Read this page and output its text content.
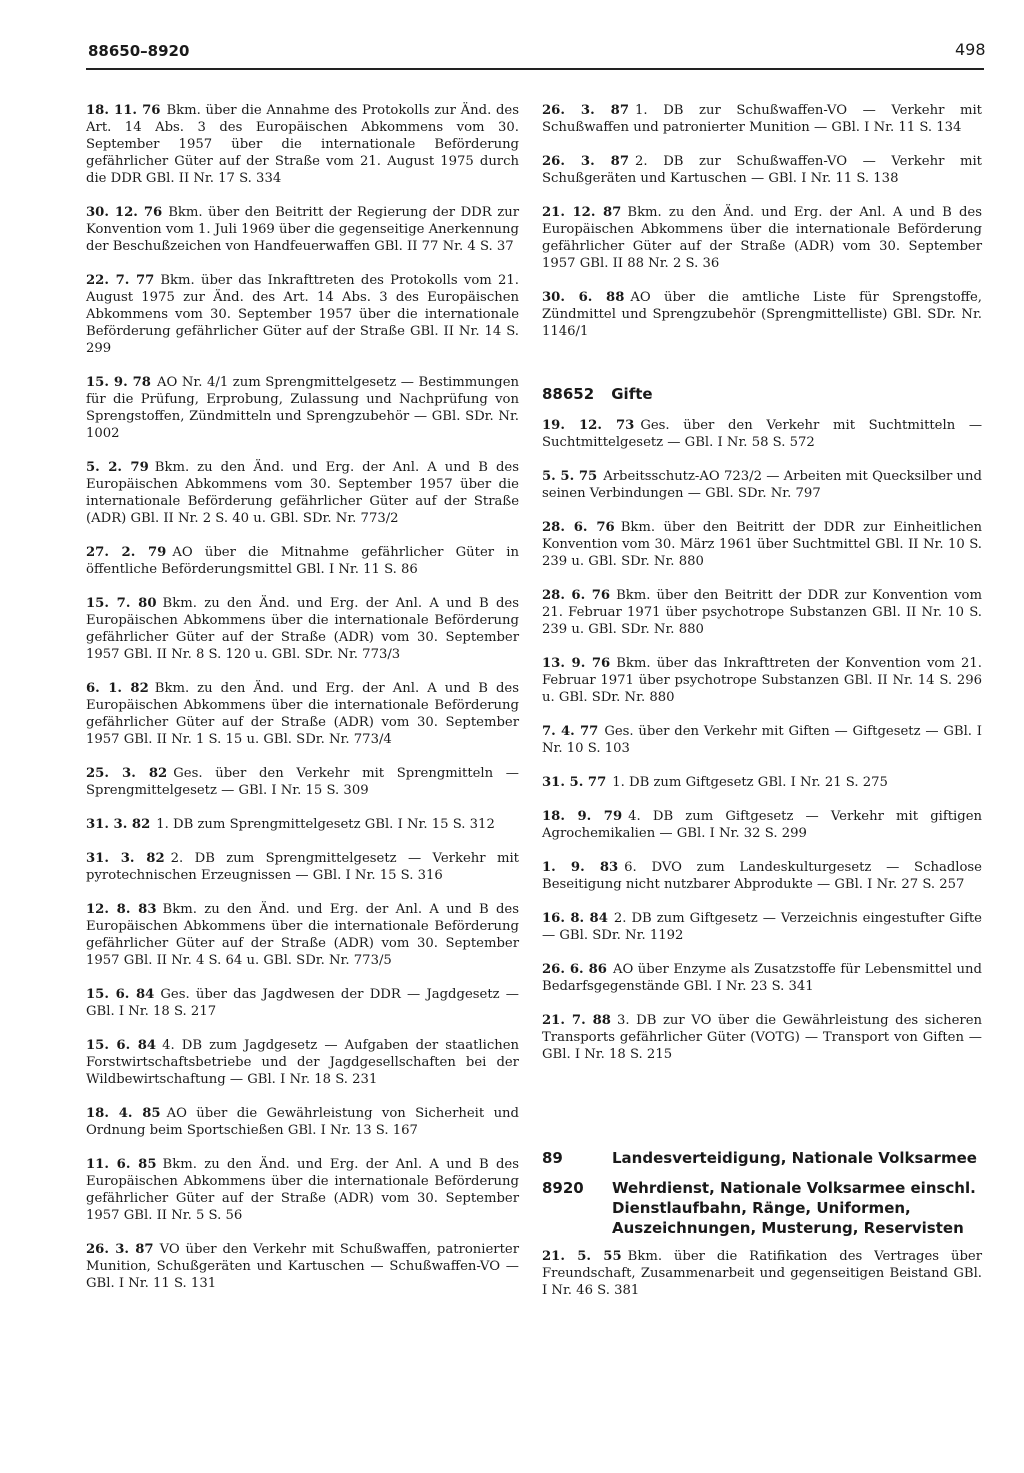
88650–8920	498
18. 11. 76 Bkm. über die Annahme des Protokolls zur Änd. des Art. 14 Abs. 3 des Europäischen Abkommens vom 30. September 1957 über die internationale Beförderung gefährlicher Güter auf der Straße vom 21. August 1975 durch die DDR GBl. II Nr. 17 S. 334
30. 12. 76 Bkm. über den Beitritt der Regierung der DDR zur Konvention vom 1. Juli 1969 über die gegenseitige Anerkennung der Beschußzeichen von Handfeuerwaffen GBl. II 77 Nr. 4 S. 37
22. 7. 77 Bkm. über das Inkrafttreten des Protokolls vom 21. August 1975 zur Änd. des Art. 14 Abs. 3 des Europäischen Abkommens vom 30. September 1957 über die internationale Beförderung gefährlicher Güter auf der Straße GBl. II Nr. 14 S. 299
15. 9. 78 AO Nr. 4/1 zum Sprengmittelgesetz — Bestimmungen für die Prüfung, Erprobung, Zulassung und Nachprüfung von Sprengstoffen, Zündmitteln und Sprengzubehör — GBl. SDr. Nr. 1002
5. 2. 79 Bkm. zu den Änd. und Erg. der Anl. A und B des Europäischen Abkommens vom 30. September 1957 über die internationale Beförderung gefährlicher Güter auf der Straße (ADR) GBl. II Nr. 2 S. 40 u. GBl. SDr. Nr. 773/2
27. 2. 79 AO über die Mitnahme gefährlicher Güter in öffentliche Beförderungsmittel GBl. I Nr. 11 S. 86
15. 7. 80 Bkm. zu den Änd. und Erg. der Anl. A und B des Europäischen Abkommens über die internationale Beförderung gefährlicher Güter auf der Straße (ADR) vom 30. September 1957 GBl. II Nr. 8 S. 120 u. GBl. SDr. Nr. 773/3
6. 1. 82 Bkm. zu den Änd. und Erg. der Anl. A und B des Europäischen Abkommens über die internationale Beförderung gefährlicher Güter auf der Straße (ADR) vom 30. September 1957 GBl. II Nr. 1 S. 15 u. GBl. SDr. Nr. 773/4
25. 3. 82 Ges. über den Verkehr mit Sprengmitteln — Sprengmittelgesetz — GBl. I Nr. 15 S. 309
31. 3. 82 1. DB zum Sprengmittelgesetz GBl. I Nr. 15 S. 312
31. 3. 82 2. DB zum Sprengmittelgesetz — Verkehr mit pyrotechnischen Erzeugnissen — GBl. I Nr. 15 S. 316
12. 8. 83 Bkm. zu den Änd. und Erg. der Anl. A und B des Europäischen Abkommens über die internationale Beförderung gefährlicher Güter auf der Straße (ADR) vom 30. September 1957 GBl. II Nr. 4 S. 64 u. GBl. SDr. Nr. 773/5
15. 6. 84 Ges. über das Jagdwesen der DDR — Jagdgesetz — GBl. I Nr. 18 S. 217
15. 6. 84 4. DB zum Jagdgesetz — Aufgaben der staatlichen Forstwirtschaftsbetriebe und der Jagdgesellschaften bei der Wildbewirtschaftung — GBl. I Nr. 18 S. 231
18. 4. 85 AO über die Gewährleistung von Sicherheit und Ordnung beim Sportschießen GBl. I Nr. 13 S. 167
11. 6. 85 Bkm. zu den Änd. und Erg. der Anl. A und B des Europäischen Abkommens über die internationale Beförderung gefährlicher Güter auf der Straße (ADR) vom 30. September 1957 GBl. II Nr. 5 S. 56
26. 3. 87 VO über den Verkehr mit Schußwaffen, patronierter Munition, Schußgeräten und Kartuschen — Schußwaffen-VO — GBl. I Nr. 11 S. 131
26. 3. 87 1. DB zur Schußwaffen-VO — Verkehr mit Schußwaffen und patronierter Munition — GBl. I Nr. 11 S. 134
26. 3. 87 2. DB zur Schußwaffen-VO — Verkehr mit Schußgeräten und Kartuschen — GBl. I Nr. 11 S. 138
21. 12. 87 Bkm. zu den Änd. und Erg. der Anl. A und B des Europäischen Abkommens über die internationale Beförderung gefährlicher Güter auf der Straße (ADR) vom 30. September 1957 GBl. II 88 Nr. 2 S. 36
30. 6. 88 AO über die amtliche Liste für Sprengstoffe, Zündmittel und Sprengzubehör (Sprengmittelliste) GBl. SDr. Nr. 1146/1
88652 Gifte
19. 12. 73 Ges. über den Verkehr mit Suchtmitteln — Suchtmittelgesetz — GBl. I Nr. 58 S. 572
5. 5. 75 Arbeitsschutz-AO 723/2 — Arbeiten mit Quecksilber und seinen Verbindungen — GBl. SDr. Nr. 797
28. 6. 76 Bkm. über den Beitritt der DDR zur Einheitlichen Konvention vom 30. März 1961 über Suchtmittel GBl. II Nr. 10 S. 239 u. GBl. SDr. Nr. 880
28. 6. 76 Bkm. über den Beitritt der DDR zur Konvention vom 21. Februar 1971 über psychotrope Substanzen GBl. II Nr. 10 S. 239 u. GBl. SDr. Nr. 880
13. 9. 76 Bkm. über das Inkrafttreten der Konvention vom 21. Februar 1971 über psychotrope Substanzen GBl. II Nr. 14 S. 296 u. GBl. SDr. Nr. 880
7. 4. 77 Ges. über den Verkehr mit Giften — Giftgesetz — GBl. I Nr. 10 S. 103
31. 5. 77 1. DB zum Giftgesetz GBl. I Nr. 21 S. 275
18. 9. 79 4. DB zum Giftgesetz — Verkehr mit giftigen Agrochemikalien — GBl. I Nr. 32 S. 299
1. 9. 83 6. DVO zum Landeskulturgesetz — Schadlose Beseitigung nicht nutzbarer Abprodukte — GBl. I Nr. 27 S. 257
16. 8. 84 2. DB zum Giftgesetz — Verzeichnis eingestufter Gifte — GBl. SDr. Nr. 1192
26. 6. 86 AO über Enzyme als Zusatzstoffe für Lebensmittel und Bedarfsgegenstände GBl. I Nr. 23 S. 341
21. 7. 88 3. DB zur VO über die Gewährleistung des sicheren Transports gefährlicher Güter (VOTG) — Transport von Giften — GBl. I Nr. 18 S. 215
89	Landesverteidigung, Nationale Volksarmee
8920	Wehrdienst, Nationale Volksarmee einschl. Dienstlaufbahn, Ränge, Uniformen, Auszeichnungen, Musterung, Reservisten
21. 5. 55 Bkm. über die Ratifikation des Vertrages über Freundschaft, Zusammenarbeit und gegenseitigen Beistand GBl. I Nr. 46 S. 381
